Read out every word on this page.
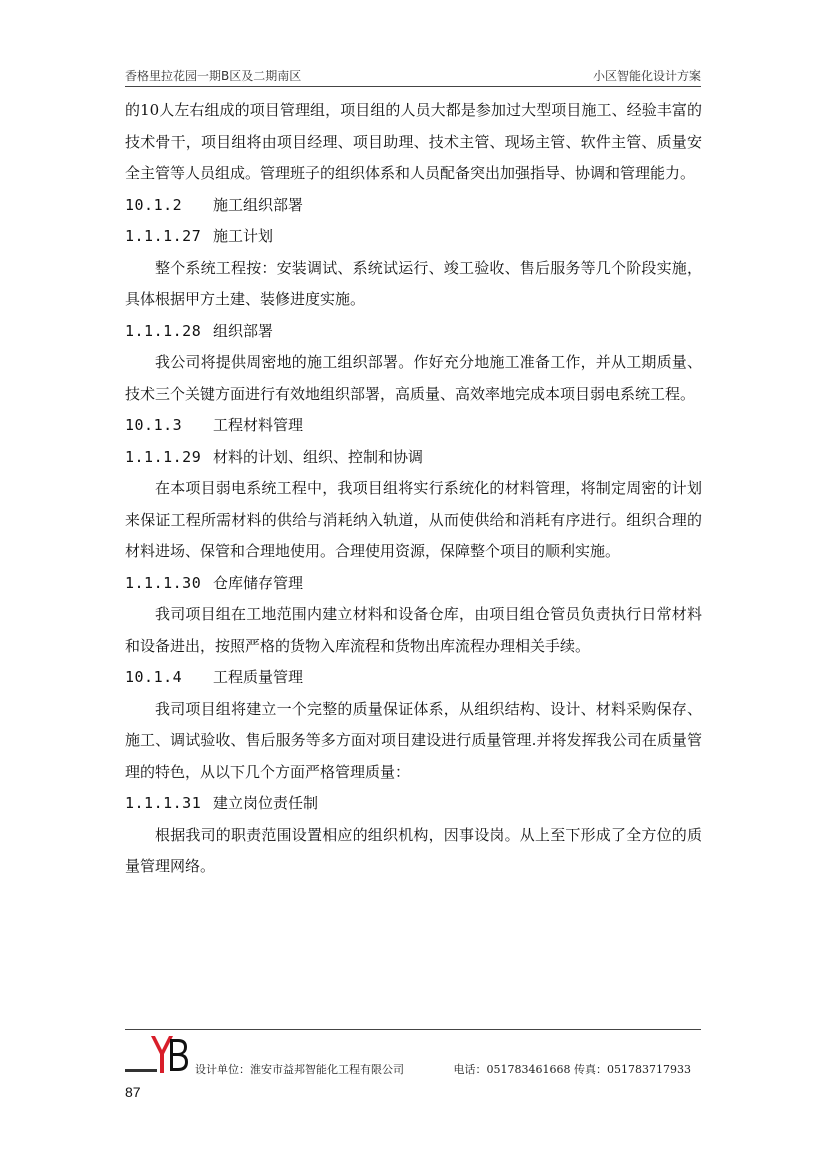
香格里拉花园一期B区及二期南区	小区智能化设计方案

的10人左右组成的项目管理组，项目组的人员大都是参加过大型项目施工、经验丰富的技术骨干，项目组将由项目经理、项目助理、技术主管、现场主管、软件主管、质量安全主管等人员组成。管理班子的组织体系和人员配备突出加强指导、协调和管理能力。

10.1.2	施工组织部署
1.1.1.27 施工计划

整个系统工程按：安装调试、系统试运行、竣工验收、售后服务等几个阶段实施，具体根据甲方土建、装修进度实施。

1.1.1.28 组织部署

我公司将提供周密地的施工组织部署。作好充分地施工准备工作，并从工期质量、技术三个关键方面进行有效地组织部署，高质量、高效率地完成本项目弱电系统工程。

10.1.3	工程材料管理
1.1.1.29 材料的计划、组织、控制和协调

在本项目弱电系统工程中，我项目组将实行系统化的材料管理，将制定周密的计划来保证工程所需材料的供给与消耗纳入轨道，从而使供给和消耗有序进行。组织合理的材料进场、保管和合理地使用。合理使用资源，保障整个项目的顺利实施。

1.1.1.30 仓库储存管理

我司项目组在工地范围内建立材料和设备仓库，由项目组仓管员负责执行日常材料和设备进出，按照严格的货物入库流程和货物出库流程办理相关手续。

10.1.4	工程质量管理

我司项目组将建立一个完整的质量保证体系，从组织结构、设计、材料采购保存、施工、调试验收、售后服务等多方面对项目建设进行质量管理.并将发挥我公司在质量管理的特色，从以下几个方面严格管理质量：

1.1.1.31 建立岗位责任制

根据我司的职责范围设置相应的组织机构，因事设岗。从上至下形成了全方位的质量管理网络。

设计单位：淮安市益邦智能化工程有限公司	电话：051783461668 传真：051783717933
87
